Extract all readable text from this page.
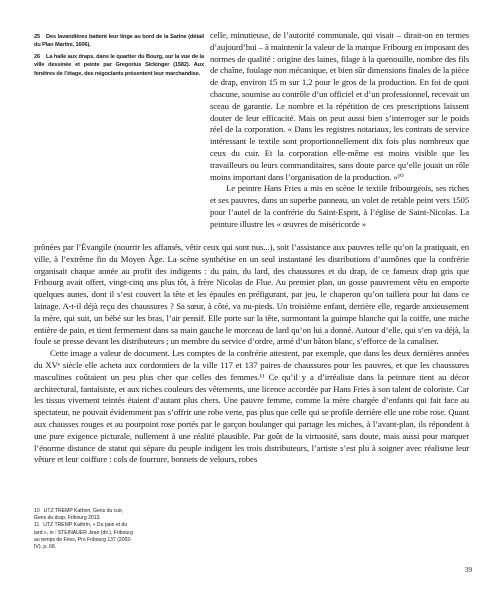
25 Des lavandières battent leur linge au bord de la Sarine (détail du Plan Martini, 1606).
26 La halle aux draps, dans le quartier du Bourg, sur la vue de la ville dessinée et peinte par Gregorius Sickinger (1582). Aux fenêtres de l’étage, des négociants présentent leur marchandise.

celle, minutieuse, de l’autorité communale, qui visait – dirait-on en termes d’aujourd’hui – à maintenir la valeur de la marque Fribourg en imposant des normes de qualité : origine des laines, filage à la quenouille, nombre des fils de chaîne, foulage non mécanique, et bien sûr dimensions finales de la pièce de drap, environ 15 m sur 1,2 pour le gros de la production. En foi de quoi chacune, soumise au contrôle d’un officiel et d’un professionnel, recevait un sceau de garantie. Le nombre et la répétition de ces prescriptions laissent douter de leur efficacité. Mais on peut aussi bien s’interroger sur le poids réel de la corporation. « Dans les registres notariaux, les contrats de service intéressant le textile sont proportionnellement dix fois plus nombreux que ceux du cuir. Et la corporation elle-même est moins visible que les travailleurs ou leurs commanditaires, sans doute parce qu’elle jouait un rôle moins important dans l’organisation de la production. »¹⁰

Le peintre Hans Fries a mis en scène le textile fribourgeois, ses riches et ses pauvres, dans un superbe panneau, un volet de retable peint vers 1505 pour l’autel de la confrérie du Saint-Esprit, à l’église de Saint-Nicolas. La peinture illustre les « œuvres de miséricorde »

prônées par l’Évangile (nourrir les affamés, vêtir ceux qui sont nus...), soit l’assistance aux pauvres telle qu’on la pratiquait, en ville, à l’extrême fin du Moyen Âge. La scène synthétise en un seul instantané les distributions d’aumônes que la confrérie organisait chaque année au profit des indigents : du pain, du lard, des chaussures et du drap, de ce fameux drap gris que Fribourg avait offert, vingt-cinq ans plus tôt, à frère Nicolas de Flue. Au premier plan, un gosse pauvrement vêtu en emporte quelques aunes, dont il s’est couvert la tête et les épaules en préfigurant, par jeu, le chaperon qu’on taillera pour lui dans ce lainage. A-t-il déjà reçu des chaussures ? Sa sœur, à côté, va nu-pieds. Un troisième enfant, derrière elle, regarde anxieusement la mère, qui suit, un bébé sur les bras, l’air pensif. Elle porte sur la tête, surmontant la guimpe blanche qui la coiffe, une miche entière de pain, et tient fermement dans sa main gauche le morceau de lard qu’on lui a donné. Autour d’elle, qui s’en va déjà, la foule se presse devant les distributeurs ; un membre du service d’ordre, armé d’un bâton blanc, s’efforce de la canaliser.

Cette image a valeur de document. Les comptes de la confrérie attestent, par exemple, que dans les deux dernières années du XVᵉ siècle elle acheta aux cordonniers de la ville 117 et 137 paires de chaussures pour les pauvres, et que les chaussures masculines coûtaient un peu plus cher que celles des femmes.¹¹ Ce qu’il y a d’irréaliste dans la peinture tient au décor architectural, fantaisiste, et aux riches couleurs des vêtements, une licence accordée par Hans Fries à son talent de coloriste. Car les tissus vivement teintés étaient d’autant plus chers. Une pauvre femme, comme la mère chargée d’enfants qui fait face au spectateur, ne pouvait évidemment pas s’offrir une robe verte, pas plus que celle qui se profile derrière elle une robe rose. Quant aux chausses rouges et au pourpoint rose portés par le garçon boulanger qui partage les miches, à l’avant-plan, ils répondent à une pure exigence picturale, nullement à une réalité plausible. Par goût de la virtuosité, sans doute, mais aussi pour marquer l’énorme distance de statut qui sépare du peuple indigent les trois distributeurs, l’artiste s’est plu à soigner avec réalisme leur vêture et leur coiffure : cols de fourrure, bonnets de velours, robes

10 UTZ TREMP Kathrin, Gens du cuir, Gens du drap, Fribourg 2013.

11 UTZ TREMP Kathrin, « Du pain et du lard », in : STEINAUER Jean (dir.), Fribourg au temps de Fries, Pro Fribourg 137 (2002-IV), p. 68.

39
